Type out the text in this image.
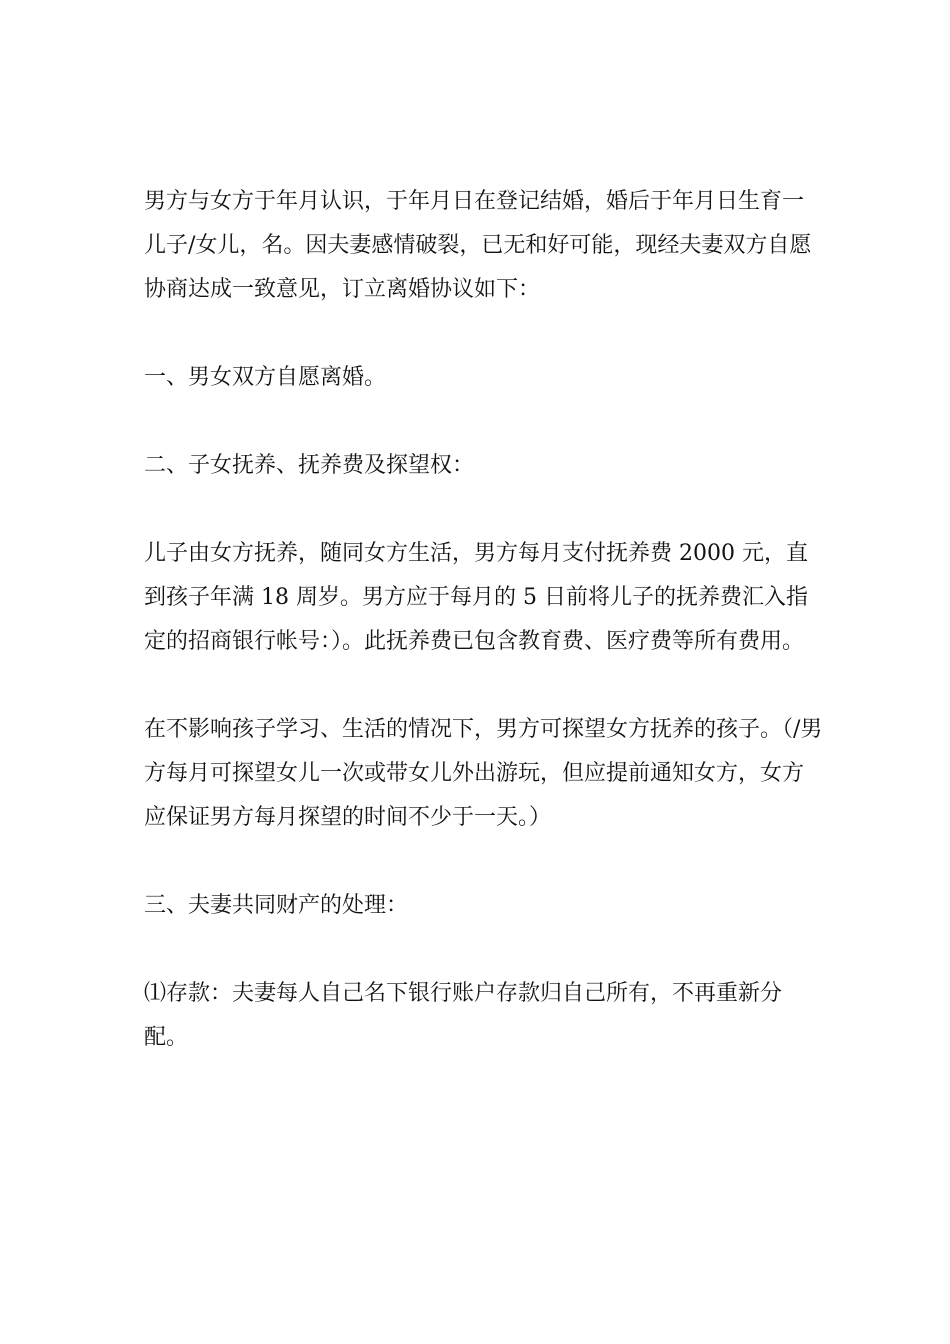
男方与女方于年月认识，于年月日在登记结婚，婚后于年月日生育一儿子/女儿，名。因夫妻感情破裂，已无和好可能，现经夫妻双方自愿协商达成一致意见，订立离婚协议如下：

一、男女双方自愿离婚。

二、子女抚养、抚养费及探望权：

儿子由女方抚养，随同女方生活，男方每月支付抚养费 2000 元，直到孩子年满 18 周岁。男方应于每月的 5 日前将儿子的抚养费汇入指定的招商银行帐号：）。此抚养费已包含教育费、医疗费等所有费用。

在不影响孩子学习、生活的情况下，男方可探望女方抚养的孩子。（/男方每月可探望女儿一次或带女儿外出游玩，但应提前通知女方，女方应保证男方每月探望的时间不少于一天。）

三、夫妻共同财产的处理：

⑴存款：夫妻每人自己名下银行账户存款归自己所有，不再重新分配。
